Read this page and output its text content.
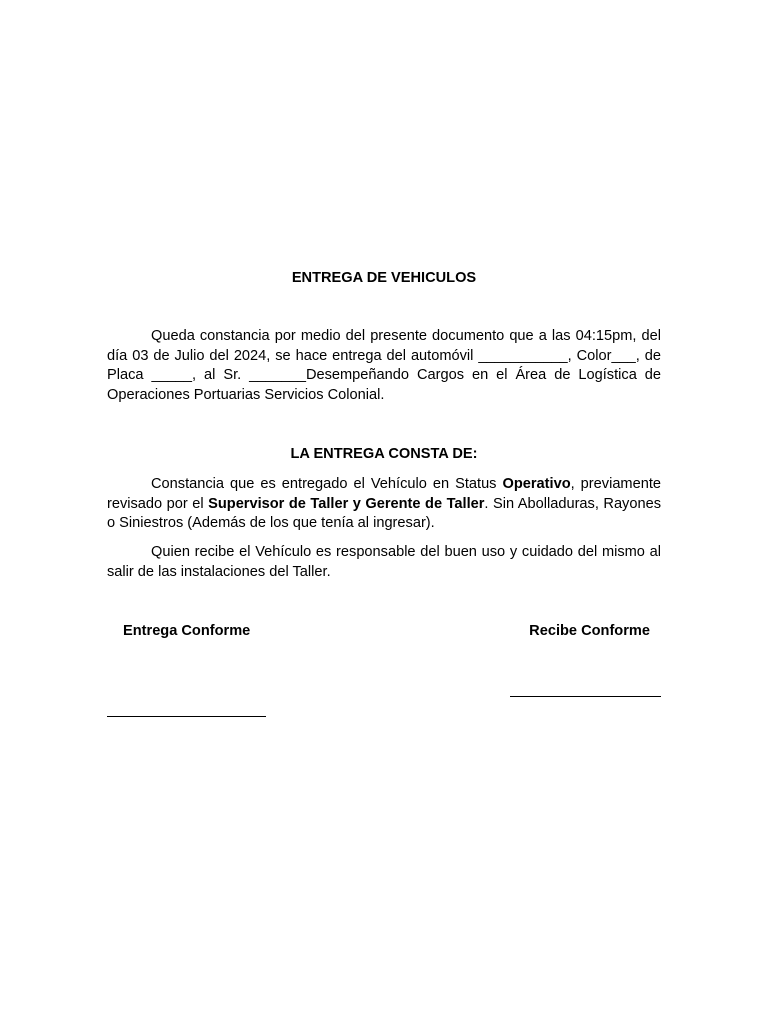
ENTREGA DE VEHICULOS

Queda constancia por medio del presente documento que a las 04:15pm, del día 03 de Julio del 2024, se hace entrega del automóvil ___________, Color___, de Placa _____, al Sr. _______Desempeñando Cargos en el Área de Logística de Operaciones Portuarias Servicios Colonial.

LA ENTREGA CONSTA DE:

Constancia que es entregado el Vehículo en Status Operativo, previamente revisado por el Supervisor de Taller y Gerente de Taller. Sin Abolladuras, Rayones o Siniestros (Además de los que tenía al ingresar).

Quien recibe el Vehículo es responsable del buen uso y cuidado del mismo al salir de las instalaciones del Taller.

Entrega Conforme	Recibe Conforme
